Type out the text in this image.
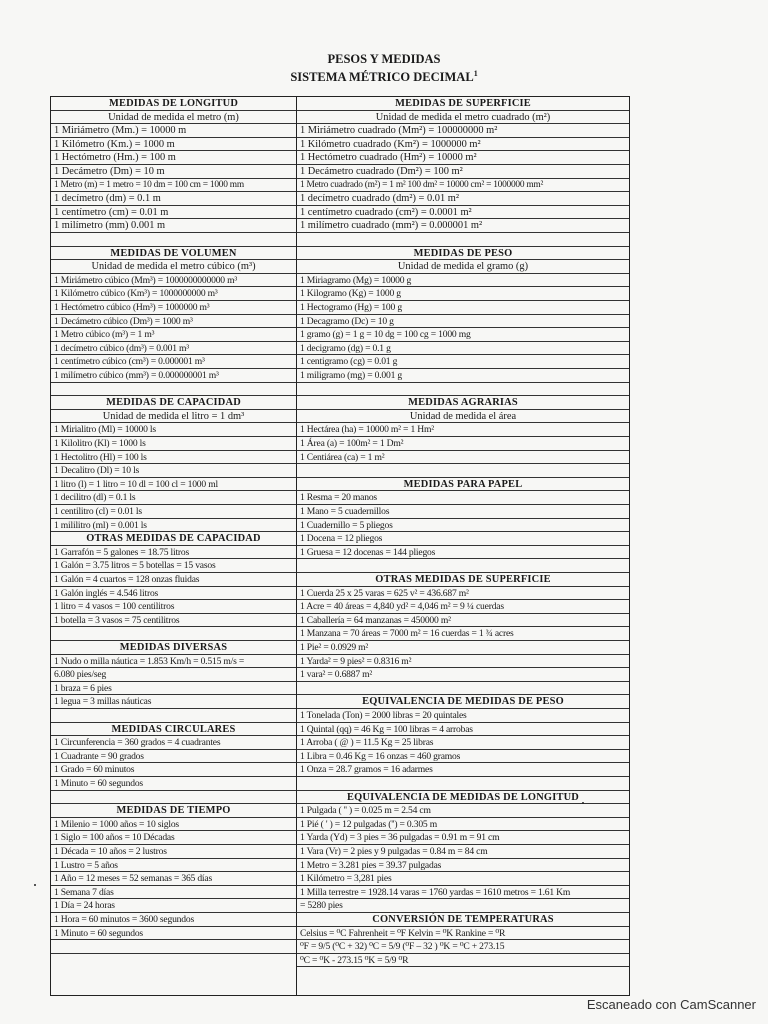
PESOS Y MEDIDAS
SISTEMA MÉTRICO DECIMAL$^1$
MEDIDAS DE LONGITUD
Unidad de medida el metro (m)
1 Miriámetro (Mm.) = 10000 m
1 Kilómetro (Km.) = 1000 m
1 Hectómetro (Hm.) = 100 m
1 Decámetro (Dm) = 10 m
1 Metro (m) = 1 metro = 10 dm = 100 cm = 1000 mm
1 decímetro (dm) = 0.1 m
1 centímetro (cm) = 0.01 m
1 milímetro (mm) 0.001 m
MEDIDAS DE VOLUMEN
Unidad de medida el metro cúbico (m³)
1 Miriámetro cúbico (Mm³) = 1000000000000 m³
1 Kilómetro cúbico (Km³) = 1000000000 m³
1 Hectómetro cúbico (Hm³) = 1000000 m³
1 Decámetro cúbico (Dm³) = 1000 m³
1 Metro cúbico (m³) = 1 m³
1 decímetro cúbico (dm³) = 0.001 m³
1 centímetro cúbico (cm³) = 0.000001 m³
1 milímetro cúbico (mm³) = 0.000000001 m³
MEDIDAS DE CAPACIDAD
Unidad de medida el litro = 1 dm³
1 Mirialitro (Ml) = 10000 ls
1 Kilolitro (Kl) = 1000 ls
1 Hectolitro (Hl) = 100 ls
1 Decalitro (Dl) = 10 ls
1 litro (l) = 1 litro = 10 dl = 100 cl = 1000 ml
1 decilitro (dl) = 0.1 ls
1 centilitro (cl) = 0.01 ls
1 mililitro (ml) = 0.001 ls
OTRAS MEDIDAS DE CAPACIDAD
1 Garrafón = 5 galones = 18.75 litros
1 Galón = 3.75 litros = 5 botellas = 15 vasos
1 Galón = 4 cuartos = 128 onzas fluidas
1 Galón inglés = 4.546 litros
1 litro = 4 vasos = 100 centilitros
1 botella = 3 vasos = 75 centilitros
MEDIDAS DIVERSAS
1 Nudo o milla náutica = 1.853 Km/h = 0.515 m/s =
6.080 pies/seg
1 braza = 6 pies
1 legua = 3 millas náuticas
MEDIDAS CIRCULARES
1 Circunferencia = 360 grados = 4 cuadrantes
1 Cuadrante = 90 grados
1 Grado = 60 minutos
1 Minuto = 60 segundos
MEDIDAS DE TIEMPO
1 Milenio = 1000 años = 10 siglos
1 Siglo = 100 años = 10 Décadas
1 Década = 10 años = 2 lustros
1 Lustro = 5 años
1 Año = 12 meses = 52 semanas = 365 días
1 Semana 7 días
1 Día = 24 horas
1 Hora = 60 minutos = 3600 segundos
1 Minuto = 60 segundos
MEDIDAS DE SUPERFICIE
Unidad de medida el metro cuadrado (m²)
1 Miriámetro cuadrado (Mm²) = 100000000 m²
1 Kilómetro cuadrado (Km²) = 1000000 m²
1 Hectómetro cuadrado (Hm²) = 10000 m²
1 Decámetro cuadrado (Dm²) = 100 m²
1 Metro cuadrado (m²) = 1 m² 100 dm² = 10000 cm² = 1000000 mm²
1 decímetro cuadrado (dm²) = 0.01 m²
1 centímetro cuadrado (cm²) = 0.0001 m²
1 milímetro cuadrado (mm²) = 0.000001 m²
MEDIDAS DE PESO
Unidad de medida el gramo (g)
1 Miriagramo (Mg) = 10000 g
1 Kilogramo (Kg) = 1000 g
1 Hectogramo (Hg) = 100 g
1 Decagramo (Dc) = 10 g
1 gramo (g) = 1 g = 10 dg = 100 cg = 1000 mg
1 decigramo (dg) = 0.1 g
1 centigramo (cg) = 0.01 g
1 miligramo (mg) = 0.001 g
MEDIDAS AGRARIAS
Unidad de medida el área
1 Hectárea (ha) = 10000 m² = 1 Hm²
1 Área (a) = 100m² = 1 Dm²
1 Centiárea (ca) = 1 m²
MEDIDAS PARA PAPEL
1 Resma = 20 manos
1 Mano = 5 cuadernillos
1 Cuadernillo = 5 pliegos
1 Docena = 12 pliegos
1 Gruesa = 12 docenas = 144 pliegos
OTRAS MEDIDAS DE SUPERFICIE
1 Cuerda 25 x 25 varas = 625 v² = 436.687 m²
1 Acre = 40 áreas = 4,840 yd² = 4,046 m² = 9 ¼ cuerdas
1 Caballería = 64 manzanas = 450000 m²
1 Manzana = 70 áreas = 7000 m² = 16 cuerdas = 1 ¾ acres
1 Pie² = 0.0929 m²
1 Yarda² = 9 pies² = 0.8316 m²
1 vara² = 0.6887 m²
EQUIVALENCIA DE MEDIDAS DE PESO
1 Tonelada (Ton) = 2000 libras = 20 quintales
1 Quintal (qq) = 46 Kg = 100 libras = 4 arrobas
1 Arroba ( @ ) = 11.5 Kg = 25 libras
1 Libra = 0.46 Kg = 16 onzas = 460 gramos
1 Onza = 28.7 gramos = 16 adarmes
EQUIVALENCIA DE MEDIDAS DE LONGITUD
1 Pulgada ( '' ) = 0.025 m = 2.54 cm
1 Pié ( ' ) = 12 pulgadas ('') = 0.305 m
1 Yarda (Yd) = 3 pies = 36 pulgadas = 0.91 m = 91 cm
1 Vara (Vr) = 2 pies y 9 pulgadas = 0.84 m = 84 cm
1 Metro = 3.281 pies = 39.37 pulgadas
1 Kilómetro = 3,281 pies
1 Milla terrestre = 1928.14 varas = 1760 yardas = 1610 metros = 1.61 Km
= 5280 pies
CONVERSIÓN DE TEMPERATURAS
Celsius = ⁰C Fahrenheit = ⁰F Kelvin = ⁰K Rankine = ⁰R
⁰F = 9/5 (⁰C + 32) ⁰C = 5/9 (⁰F – 32 ) ⁰K = ⁰C + 273.15
⁰C = ⁰K - 273.15 ⁰K = 5/9 ⁰R
Escaneado con CamScanner
